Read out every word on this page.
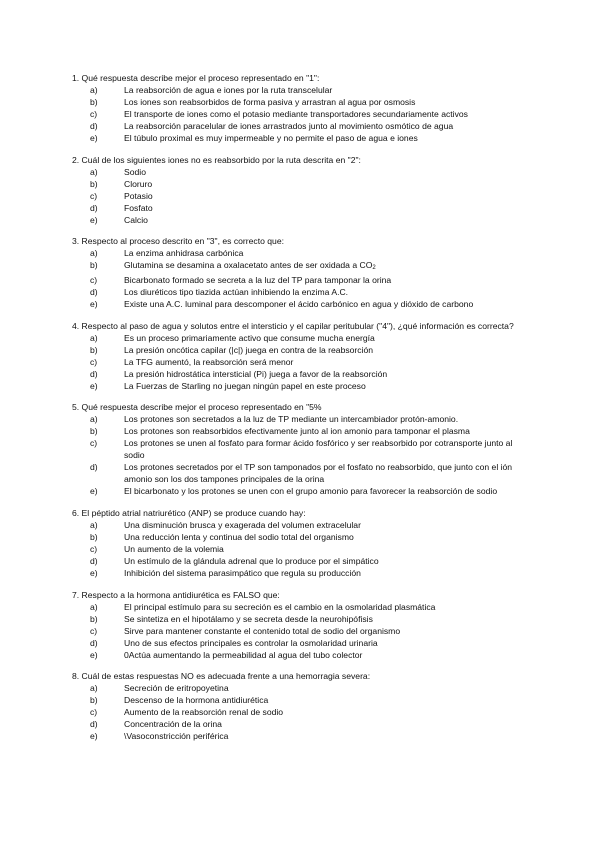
1. Qué respuesta describe mejor el proceso representado en "1":
a)	La reabsorción de agua e iones por la ruta transcelular
b)	Los iones son reabsorbidos de forma pasiva y arrastran al agua por osmosis
c)	El transporte de iones como el potasio mediante transportadores secundariamente activos
d)	La reabsorción paracelular de iones arrastrados junto al movimiento osmótico de agua
e)	El túbulo proximal es muy impermeable y no permite el paso de agua e iones
2. Cuál de los siguientes iones no es reabsorbido por la ruta descrita en "2":
a)	Sodio
b)	Cloruro
c)	Potasio
d)	Fosfato
e)	Calcio
3. Respecto al proceso descrito en "3", es correcto que:
a)	La enzima anhidrasa carbónica
b)	Glutamina se desamina a oxalacetato antes de ser oxidada a $CO_2$
c)	Bicarbonato formado se secreta a la luz del TP para tamponar la orina
d)	Los diuréticos tipo tiazida actúan inhibiendo la enzima A.C.
e)	Existe una A.C. luminal para descomponer el ácido carbónico en agua y dióxido de carbono
4. Respecto al paso de agua y solutos entre el intersticio y el capilar peritubular ("4"), ¿qué información es correcta?
a)	Es un proceso primariamente activo que consume mucha energía
b)	La presión oncótica capilar (|c|) juega en contra de la reabsorción
c)	La TFG aumentó, la reabsorción será menor
d)	La presión hidrostática intersticial (Pi) juega a favor de la reabsorción
e)	La Fuerzas de Starling no juegan ningún papel en este proceso
5. Qué respuesta describe mejor el proceso representado en "5%
a)	Los protones son secretados a la luz de TP mediante un intercambiador protón-amonio.
b)	Los protones son reabsorbidos efectivamente junto al ion amonio para tamponar el plasma
c)	Los protones se unen al fosfato para formar ácido fosfórico y ser reabsorbido por cotransporte junto al sodio
d)	Los protones secretados por el TP son tamponados por el fosfato no reabsorbido, que junto con el ión amonio son los dos tampones principales de la orina
e)	El bicarbonato y los protones se unen con el grupo amonio para favorecer la reabsorción de sodio
6. El péptido atrial natriurético (ANP) se produce cuando hay:
a)	Una disminución brusca y exagerada del volumen extracelular
b)	Una reducción lenta y continua del sodio total del organismo
c)	Un aumento de la volemia
d)	Un estímulo de la glándula adrenal que lo produce por el simpático
e)	Inhibición del sistema parasimpático que regula su producción
7. Respecto a la hormona antidiurética es FALSO que:
a)	El principal estímulo para su secreción es el cambio en la osmolaridad plasmática
b)	Se sintetiza en el hipotálamo y se secreta desde la neurohipófisis
c)	Sirve para mantener constante el contenido total de sodio del organismo
d)	Uno de sus efectos principales es controlar la osmolaridad urinaria
e)	0Actúa aumentando la permeabilidad al agua del tubo colector
8. Cuál de estas respuestas NO es adecuada frente a una hemorragia severa:
a)	Secreción de eritropoyetina
b)	Descenso de la hormona antidiurética
c)	Aumento de la reabsorción renal de sodio
d)	Concentración de la orina
e)	\Vasoconstricción periférica
